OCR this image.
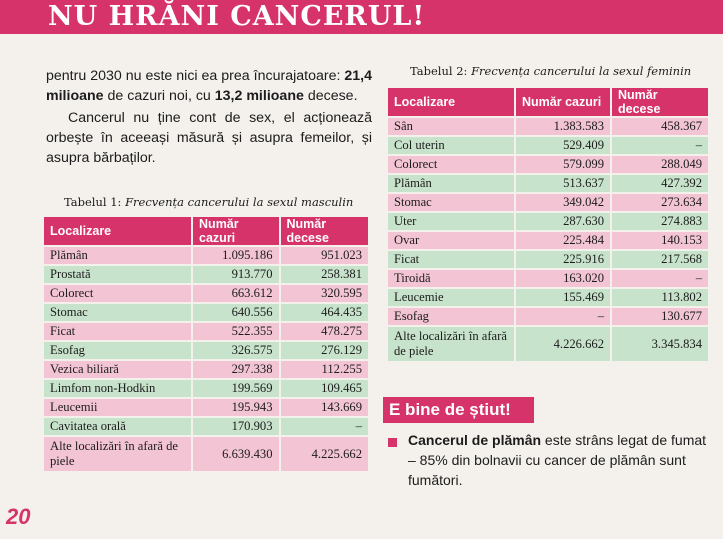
NU HRĂNI CANCERUL!

pentru 2030 nu este nici ea prea încurajatoare: 21,4 milioane de cazuri noi, cu 13,2 milioane decese.

Cancerul nu ține cont de sex, el acționează orbește în aceeași măsură și asupra femeilor, și asupra bărbaților.

Tabelul 1: Frecvența cancerului la sexul masculin
Localizare	Număr cazuri	Număr decese
Plămân	1.095.186	951.023
Prostată	913.770	258.381
Colorect	663.612	320.595
Stomac	640.556	464.435
Ficat	522.355	478.275
Esofag	326.575	276.129
Vezica biliară	297.338	112.255
Limfom non-Hodkin	199.569	109.465
Leucemii	195.943	143.669
Cavitatea orală	170.903	–
Alte localizări în afară de piele	6.639.430	4.225.662
Tabelul 2: Frecvența cancerului la sexul feminin
Localizare	Număr cazuri	Număr decese
Sân	1.383.583	458.367
Col uterin	529.409	–
Colorect	579.099	288.049
Plămân	513.637	427.392
Stomac	349.042	273.634
Uter	287.630	274.883
Ovar	225.484	140.153
Ficat	225.916	217.568
Tiroidă	163.020	–
Leucemie	155.469	113.802
Esofag	–	130.677
Alte localizări în afară de piele	4.226.662	3.345.834
E bine de știut!
Cancerul de plămân este strâns legat de fumat – 85% din bolnavii cu cancer de plămân sunt fumători.
20
